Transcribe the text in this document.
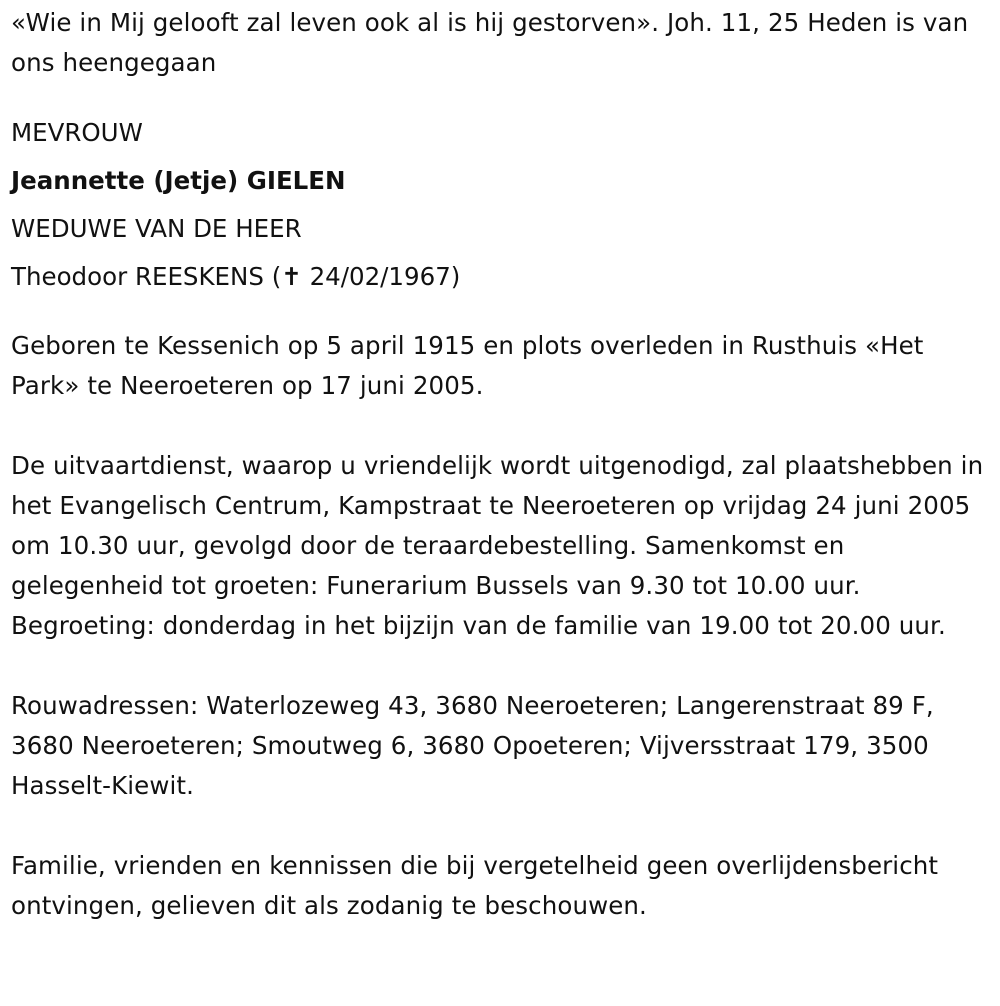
«Wie in Mij gelooft zal leven ook al is hij gestorven». Joh. 11, 25 Heden is van ons heengegaan

MEVROUW

Jeannette (Jetje) GIELEN

WEDUWE VAN DE HEER

Theodoor REESKENS (✝ 24/02/1967)

Geboren te Kessenich op 5 april 1915 en plots overleden in Rusthuis «Het Park» te Neeroeteren op 17 juni 2005.

De uitvaartdienst, waarop u vriendelijk wordt uitgenodigd, zal plaatshebben in het Evangelisch Centrum, Kampstraat te Neeroeteren op vrijdag 24 juni 2005 om 10.30 uur, gevolgd door de teraardebestelling. Samenkomst en gelegenheid tot groeten: Funerarium Bussels van 9.30 tot 10.00 uur. Begroeting: donderdag in het bijzijn van de familie van 19.00 tot 20.00 uur.

Rouwadressen: Waterlozeweg 43, 3680 Neeroeteren; Langerenstraat 89 F, 3680 Neeroeteren; Smoutweg 6, 3680 Opoeteren; Vijversstraat 179, 3500 Hasselt-Kiewit.

Familie, vrienden en kennissen die bij vergetelheid geen overlijdensbericht ontvingen, gelieven dit als zodanig te beschouwen.
